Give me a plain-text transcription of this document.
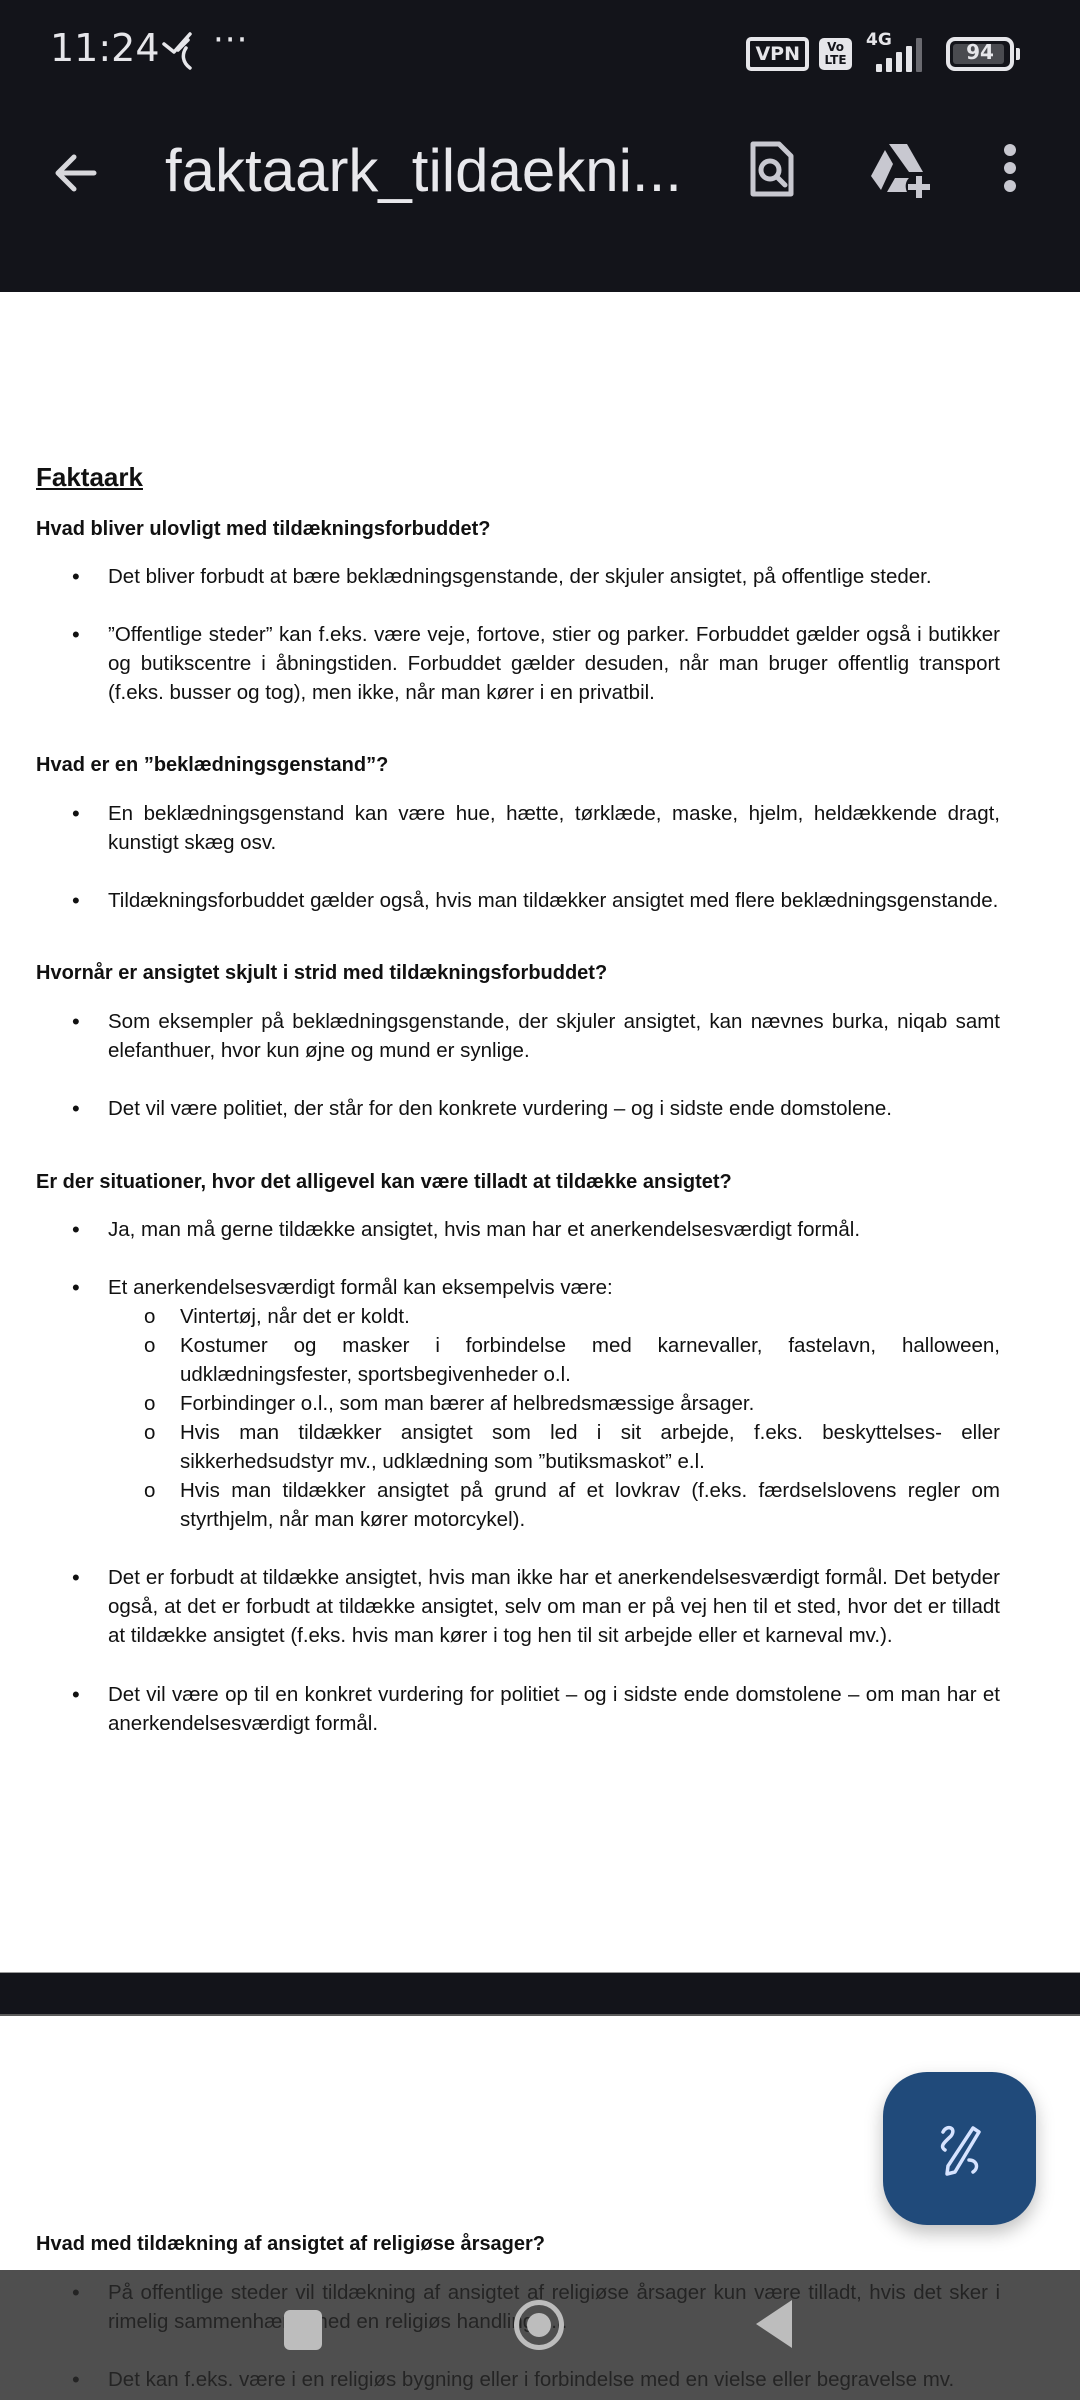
11:24 ···	VPN	Vo
LTE
4G	94
faktaark_tildaekni...
Faktaark
Hvad bliver ulovligt med tildækningsforbuddet?
• Det bliver forbudt at bære beklædningsgenstande, der skjuler ansigtet, på offentlige steder.
• ”Offentlige steder” kan f.eks. være veje, fortove, stier og parker. Forbuddet gælder også i butikker og butikscentre i åbningstiden. Forbuddet gælder desuden, når man bruger offentlig transport (f.eks. busser og tog), men ikke, når man kører i en privatbil.
Hvad er en ”beklædningsgenstand”?
• En beklædningsgenstand kan være hue, hætte, tørklæde, maske, hjelm, heldækkende dragt, kunstigt skæg osv.
• Tildækningsforbuddet gælder også, hvis man tildækker ansigtet med flere beklædningsgenstande.
Hvornår er ansigtet skjult i strid med tildækningsforbuddet?
• Som eksempler på beklædningsgenstande, der skjuler ansigtet, kan nævnes burka, niqab samt elefanthuer, hvor kun øjne og mund er synlige.
• Det vil være politiet, der står for den konkrete vurdering – og i sidste ende domstolene.
Er der situationer, hvor det alligevel kan være tilladt at tildække ansigtet?
• Ja, man må gerne tildække ansigtet, hvis man har et anerkendelsesværdigt formål.
• Et anerkendelsesværdigt formål kan eksempelvis være:
o Vintertøj, når det er koldt.
o Kostumer og masker i forbindelse med karnevaller, fastelavn, halloween, udklædningsfester, sportsbegivenheder o.l.
o Forbindinger o.l., som man bærer af helbredsmæssige årsager.
o Hvis man tildækker ansigtet som led i sit arbejde, f.eks. beskyttelses- eller sikkerhedsudstyr mv., udklædning som ”butiksmaskot” e.l.
o Hvis man tildækker ansigtet på grund af et lovkrav (f.eks. færdselslovens regler om styrthjelm, når man kører motorcykel).
• Det er forbudt at tildække ansigtet, hvis man ikke har et anerkendelsesværdigt formål. Det betyder også, at det er forbudt at tildække ansigtet, selv om man er på vej hen til et sted, hvor det er tilladt at tildække ansigtet (f.eks. hvis man kører i tog hen til sit arbejde eller et karneval mv.).
• Det vil være op til en konkret vurdering for politiet – og i sidste ende domstolene – om man har et anerkendelsesværdigt formål.
Hvad med tildækning af ansigtet af religiøse årsager?
•
•
